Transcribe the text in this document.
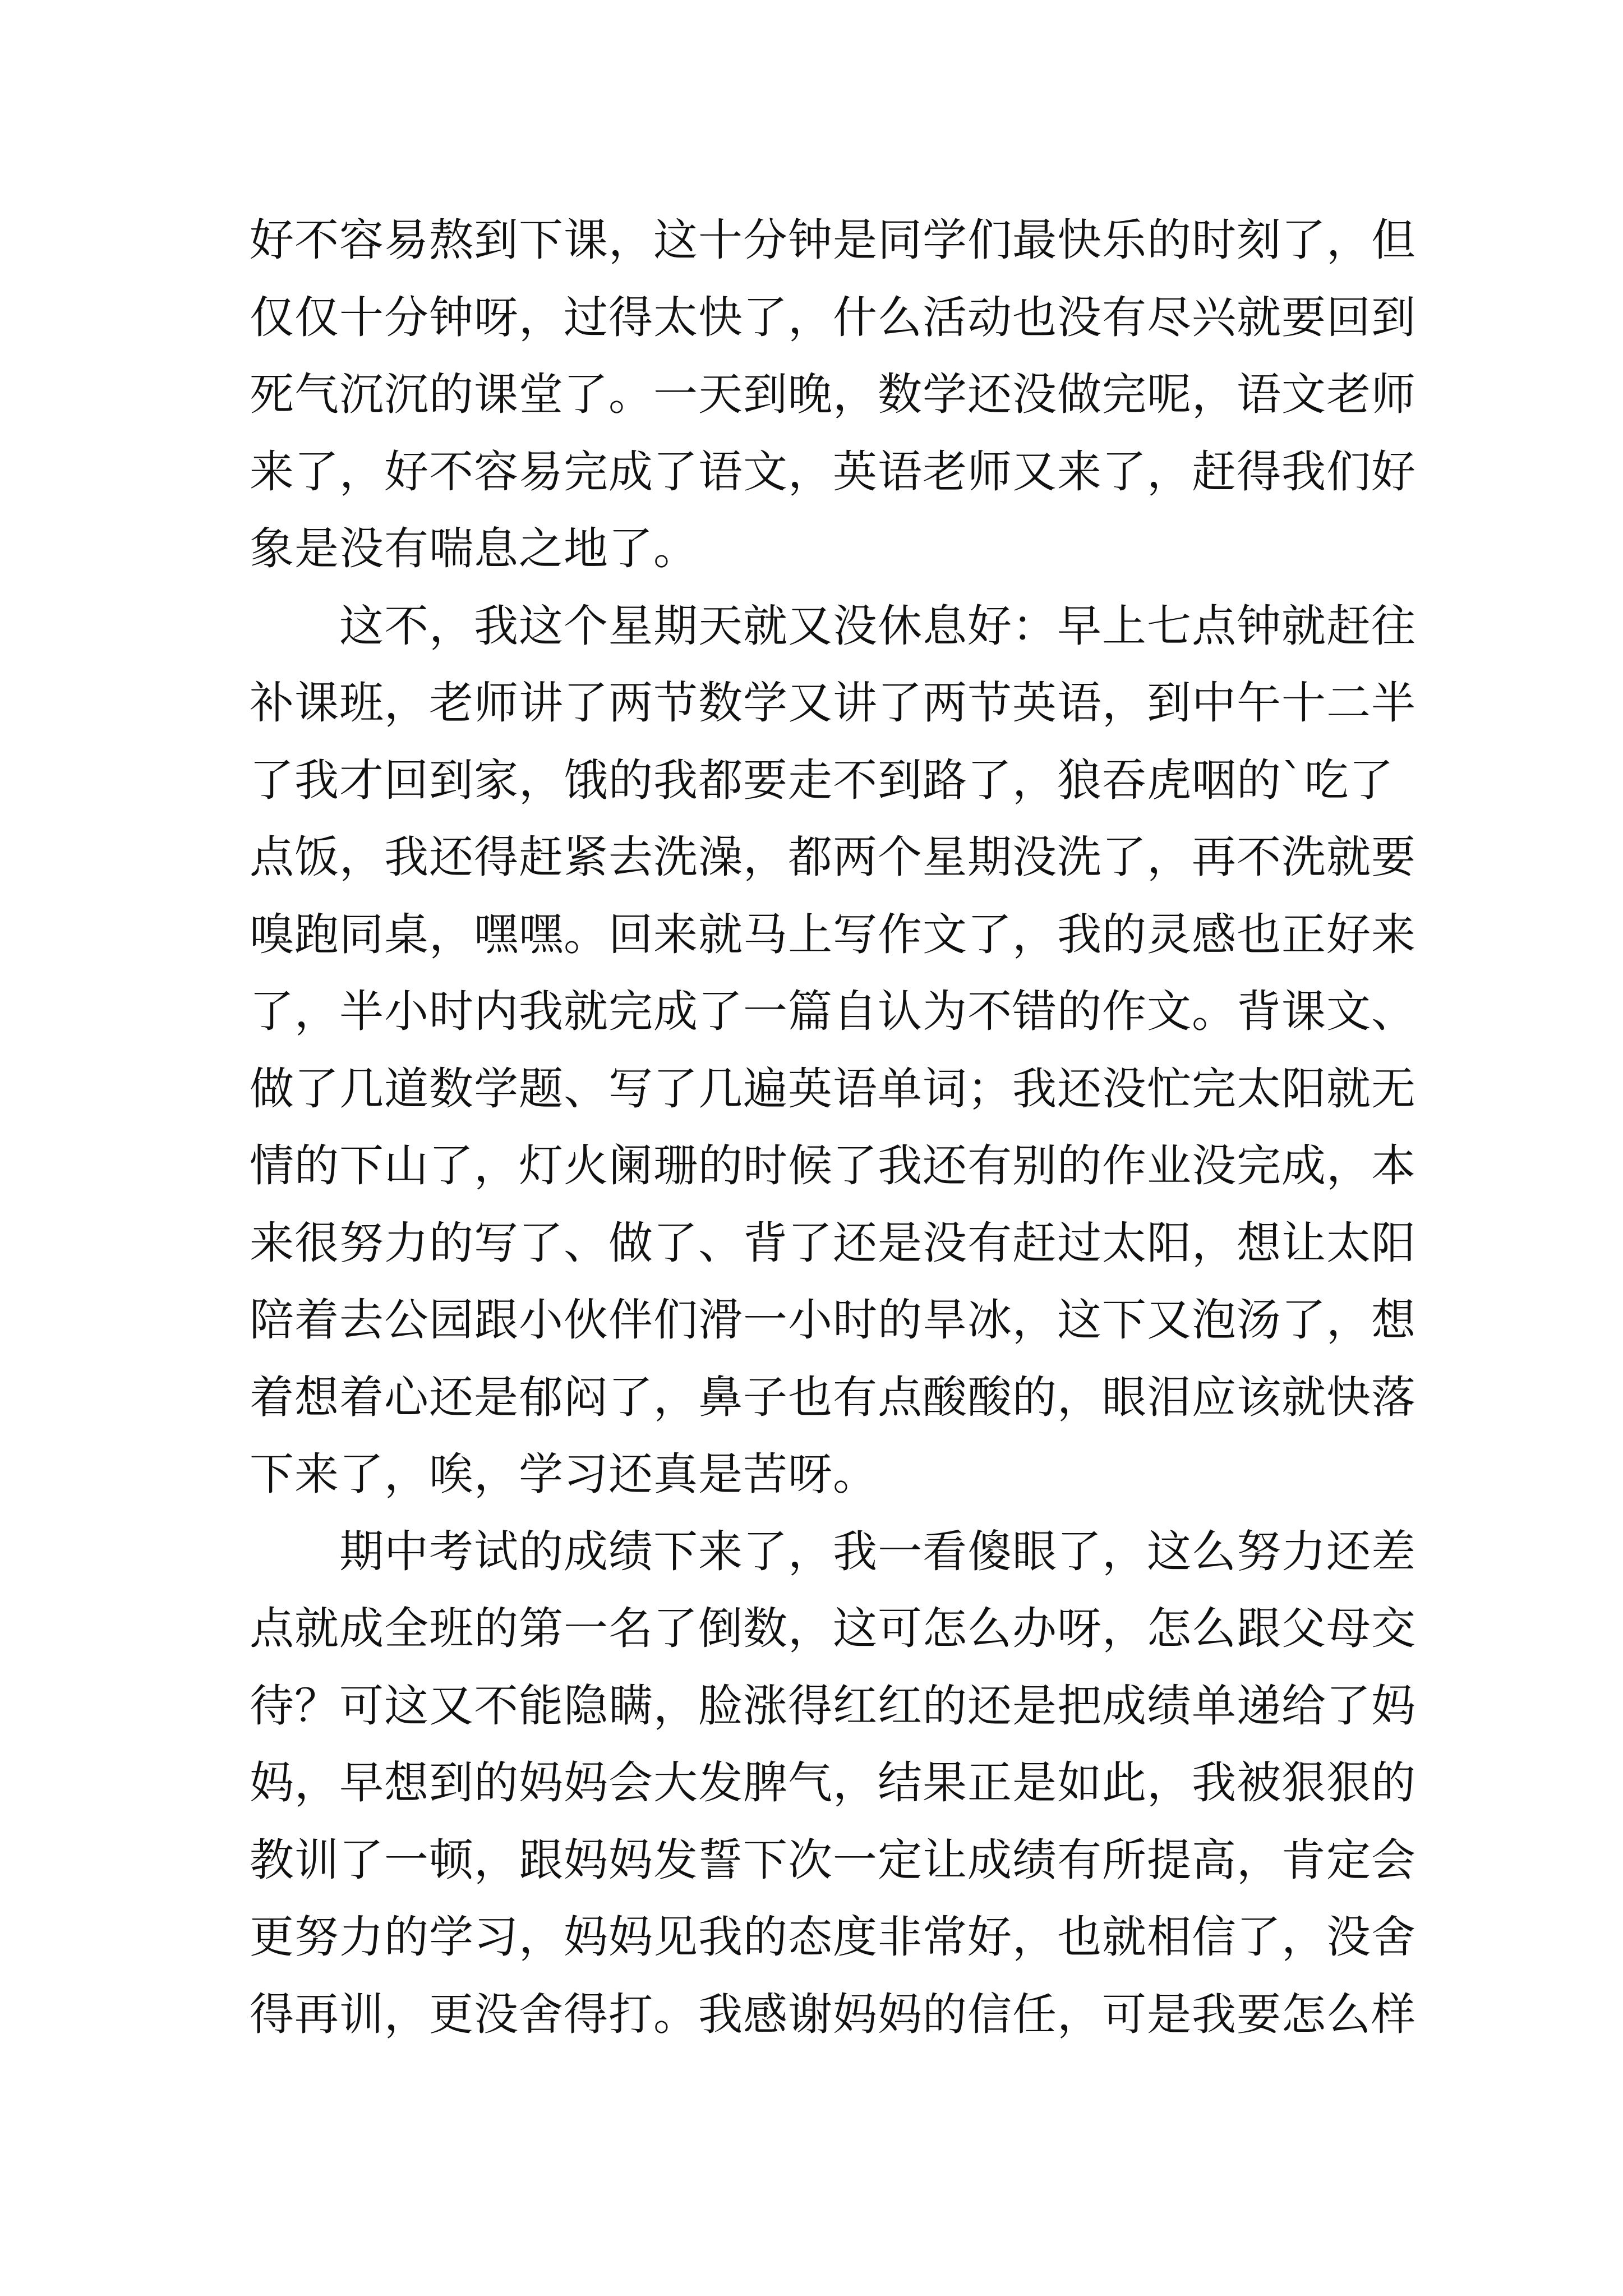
好不容易熬到下课，这十分钟是同学们最快乐的时刻了，但
仅仅十分钟呀，过得太快了，什么活动也没有尽兴就要回到
死气沉沉的课堂了。一天到晚，数学还没做完呢，语文老师
来了，好不容易完成了语文，英语老师又来了，赶得我们好
象是没有喘息之地了。
这不，我这个星期天就又没休息好：早上七点钟就赶往
补课班，老师讲了两节数学又讲了两节英语，到中午十二半
了我才回到家，饿的我都要走不到路了，狼吞虎咽的`吃了
点饭，我还得赶紧去洗澡，都两个星期没洗了，再不洗就要
嗅跑同桌，嘿嘿。回来就马上写作文了，我的灵感也正好来
了，半小时内我就完成了一篇自认为不错的作文。背课文、
做了几道数学题、写了几遍英语单词；我还没忙完太阳就无
情的下山了，灯火阑珊的时候了我还有别的作业没完成，本
来很努力的写了、做了、背了还是没有赶过太阳，想让太阳
陪着去公园跟小伙伴们滑一小时的旱冰，这下又泡汤了，想
着想着心还是郁闷了，鼻子也有点酸酸的，眼泪应该就快落
下来了，唉，学习还真是苦呀。
期中考试的成绩下来了，我一看傻眼了，这么努力还差
点就成全班的第一名了倒数，这可怎么办呀，怎么跟父母交
待？可这又不能隐瞒，脸涨得红红的还是把成绩单递给了妈
妈，早想到的妈妈会大发脾气，结果正是如此，我被狠狠的
教训了一顿，跟妈妈发誓下次一定让成绩有所提高，肯定会
更努力的学习，妈妈见我的态度非常好，也就相信了，没舍
得再训，更没舍得打。我感谢妈妈的信任，可是我要怎么样
